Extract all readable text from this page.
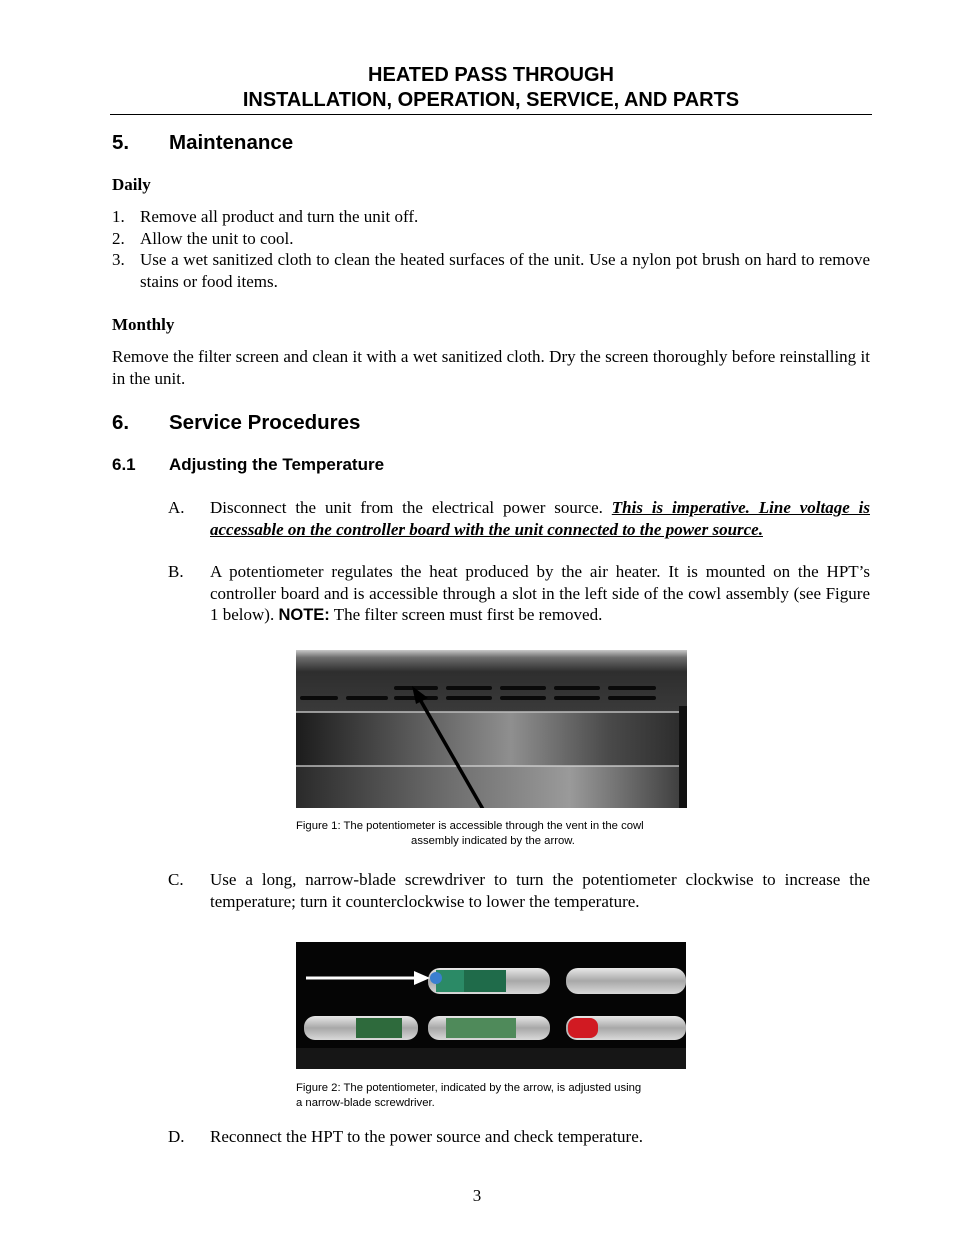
HEATED PASS THROUGH
INSTALLATION, OPERATION, SERVICE, AND PARTS
5. Maintenance
Daily
1. Remove all product and turn the unit off.
2. Allow the unit to cool.
3. Use a wet sanitized cloth to clean the heated surfaces of the unit. Use a nylon pot brush on hard to remove stains or food items.
Monthly
Remove the filter screen and clean it with a wet sanitized cloth. Dry the screen thoroughly before reinstalling it in the unit.
6. Service Procedures
6.1 Adjusting the Temperature
A. Disconnect the unit from the electrical power source. This is imperative. Line voltage is accessable on the controller board with the unit connected to the power source.
B. A potentiometer regulates the heat produced by the air heater. It is mounted on the HPT’s controller board and is accessible through a slot in the left side of the cowl assembly (see Figure 1 below). NOTE: The filter screen must first be removed.
Figure 1: The potentiometer is accessible through the vent in the cowl
assembly indicated by the arrow.
C. Use a long, narrow-blade screwdriver to turn the potentiometer clockwise to increase the temperature; turn it counterclockwise to lower the temperature.
Figure 2: The potentiometer, indicated by the arrow, is adjusted using
a narrow-blade screwdriver.
D. Reconnect the HPT to the power source and check temperature.
3
